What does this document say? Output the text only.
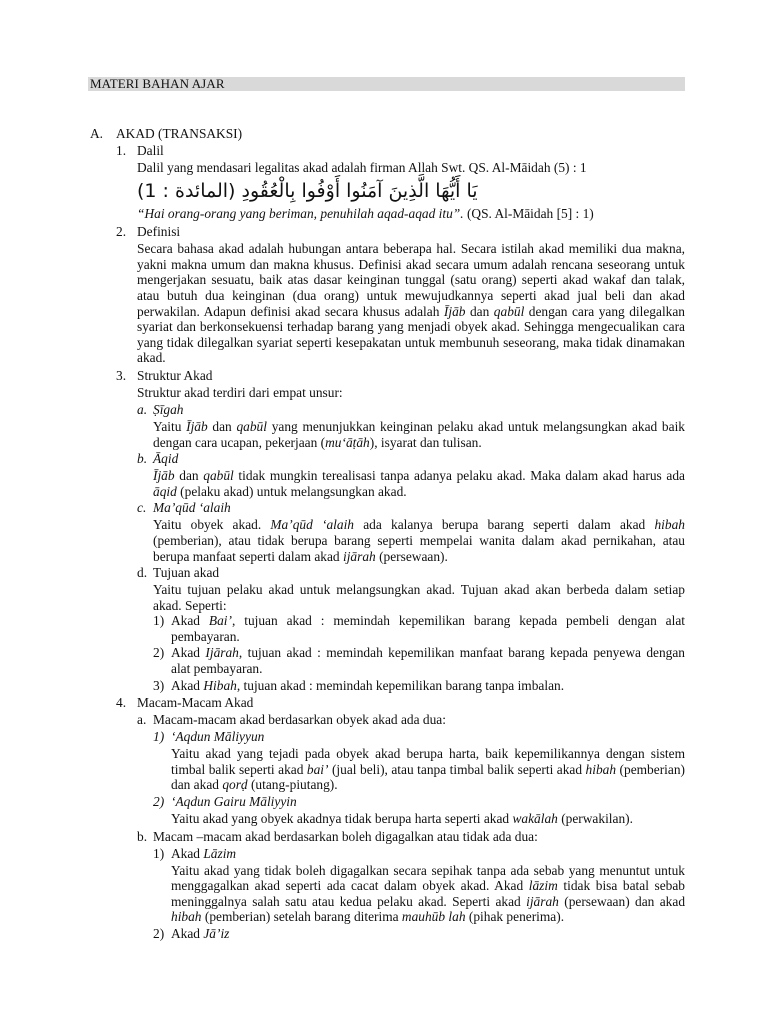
MATERI BAHAN AJAR
A. AKAD (TRANSAKSI)
1. Dalil

Dalil yang mendasari legalitas akad adalah firman Allah Swt. QS. Al-Māidah (5) : 1

يَا أَيُّهَا الَّذِينَ آمَنُوا أَوْفُوا بِالْعُقُودِ (المائدة : 1)

“Hai orang-orang yang beriman, penuhilah aqad-aqad itu”. (QS. Al-Māidah [5] : 1)

2. Definisi

Secara bahasa akad adalah hubungan antara beberapa hal. Secara istilah akad memiliki dua makna, yakni makna umum dan makna khusus. Definisi akad secara umum adalah rencana seseorang untuk mengerjakan sesuatu, baik atas dasar keinginan tunggal (satu orang) seperti akad wakaf dan talak, atau butuh dua keinginan (dua orang) untuk mewujudkannya seperti akad jual beli dan akad perwakilan. Adapun definisi akad secara khusus adalah Ījāb dan qabūl dengan cara yang dilegalkan syariat dan berkonsekuensi terhadap barang yang menjadi obyek akad. Sehingga mengecualikan cara yang tidak dilegalkan syariat seperti kesepakatan untuk membunuh seseorang, maka tidak dinamakan akad.

3. Struktur Akad

Struktur akad terdiri dari empat unsur:

a. Ṣīgah

Yaitu Ījāb dan qabūl yang menunjukkan keinginan pelaku akad untuk melangsungkan akad baik dengan cara ucapan, pekerjaan (mu‘āṭāh), isyarat dan tulisan.

b. Āqid

Ījāb dan qabūl tidak mungkin terealisasi tanpa adanya pelaku akad. Maka dalam akad harus ada āqid (pelaku akad) untuk melangsungkan akad.

c. Ma’qūd ‘alaih

Yaitu obyek akad. Ma’qūd ‘alaih ada kalanya berupa barang seperti dalam akad hibah (pemberian), atau tidak berupa barang seperti mempelai wanita dalam akad pernikahan, atau berupa manfaat seperti dalam akad ijārah (persewaan).

d. Tujuan akad

Yaitu tujuan pelaku akad untuk melangsungkan akad. Tujuan akad akan berbeda dalam setiap akad. Seperti:

1) Akad Bai’, tujuan akad : memindah kepemilikan barang kepada pembeli dengan alat pembayaran.

2) Akad Ijārah, tujuan akad : memindah kepemilikan manfaat barang kepada penyewa dengan alat pembayaran.

3) Akad Hibah, tujuan akad : memindah kepemilikan barang tanpa imbalan.

4. Macam-Macam Akad
a. Macam-macam akad berdasarkan obyek akad ada dua:
1) ‘Aqdun Māliyyun

Yaitu akad yang tejadi pada obyek akad berupa harta, baik kepemilikannya dengan sistem timbal balik seperti akad bai’ (jual beli), atau tanpa timbal balik seperti akad hibah (pemberian) dan akad qorḍ (utang-piutang).

2) ‘Aqdun Gairu Māliyyin

Yaitu akad yang obyek akadnya tidak berupa harta seperti akad wakālah (perwakilan).

b. Macam –macam akad berdasarkan boleh digagalkan atau tidak ada dua:
1) Akad Lāzim

Yaitu akad yang tidak boleh digagalkan secara sepihak tanpa ada sebab yang menuntut untuk menggagalkan akad seperti ada cacat dalam obyek akad. Akad lāzim tidak bisa batal sebab meninggalnya salah satu atau kedua pelaku akad. Seperti akad ijārah (persewaan) dan akad hibah (pemberian) setelah barang diterima mauhūb lah (pihak penerima).

2) Akad Jā’iz
